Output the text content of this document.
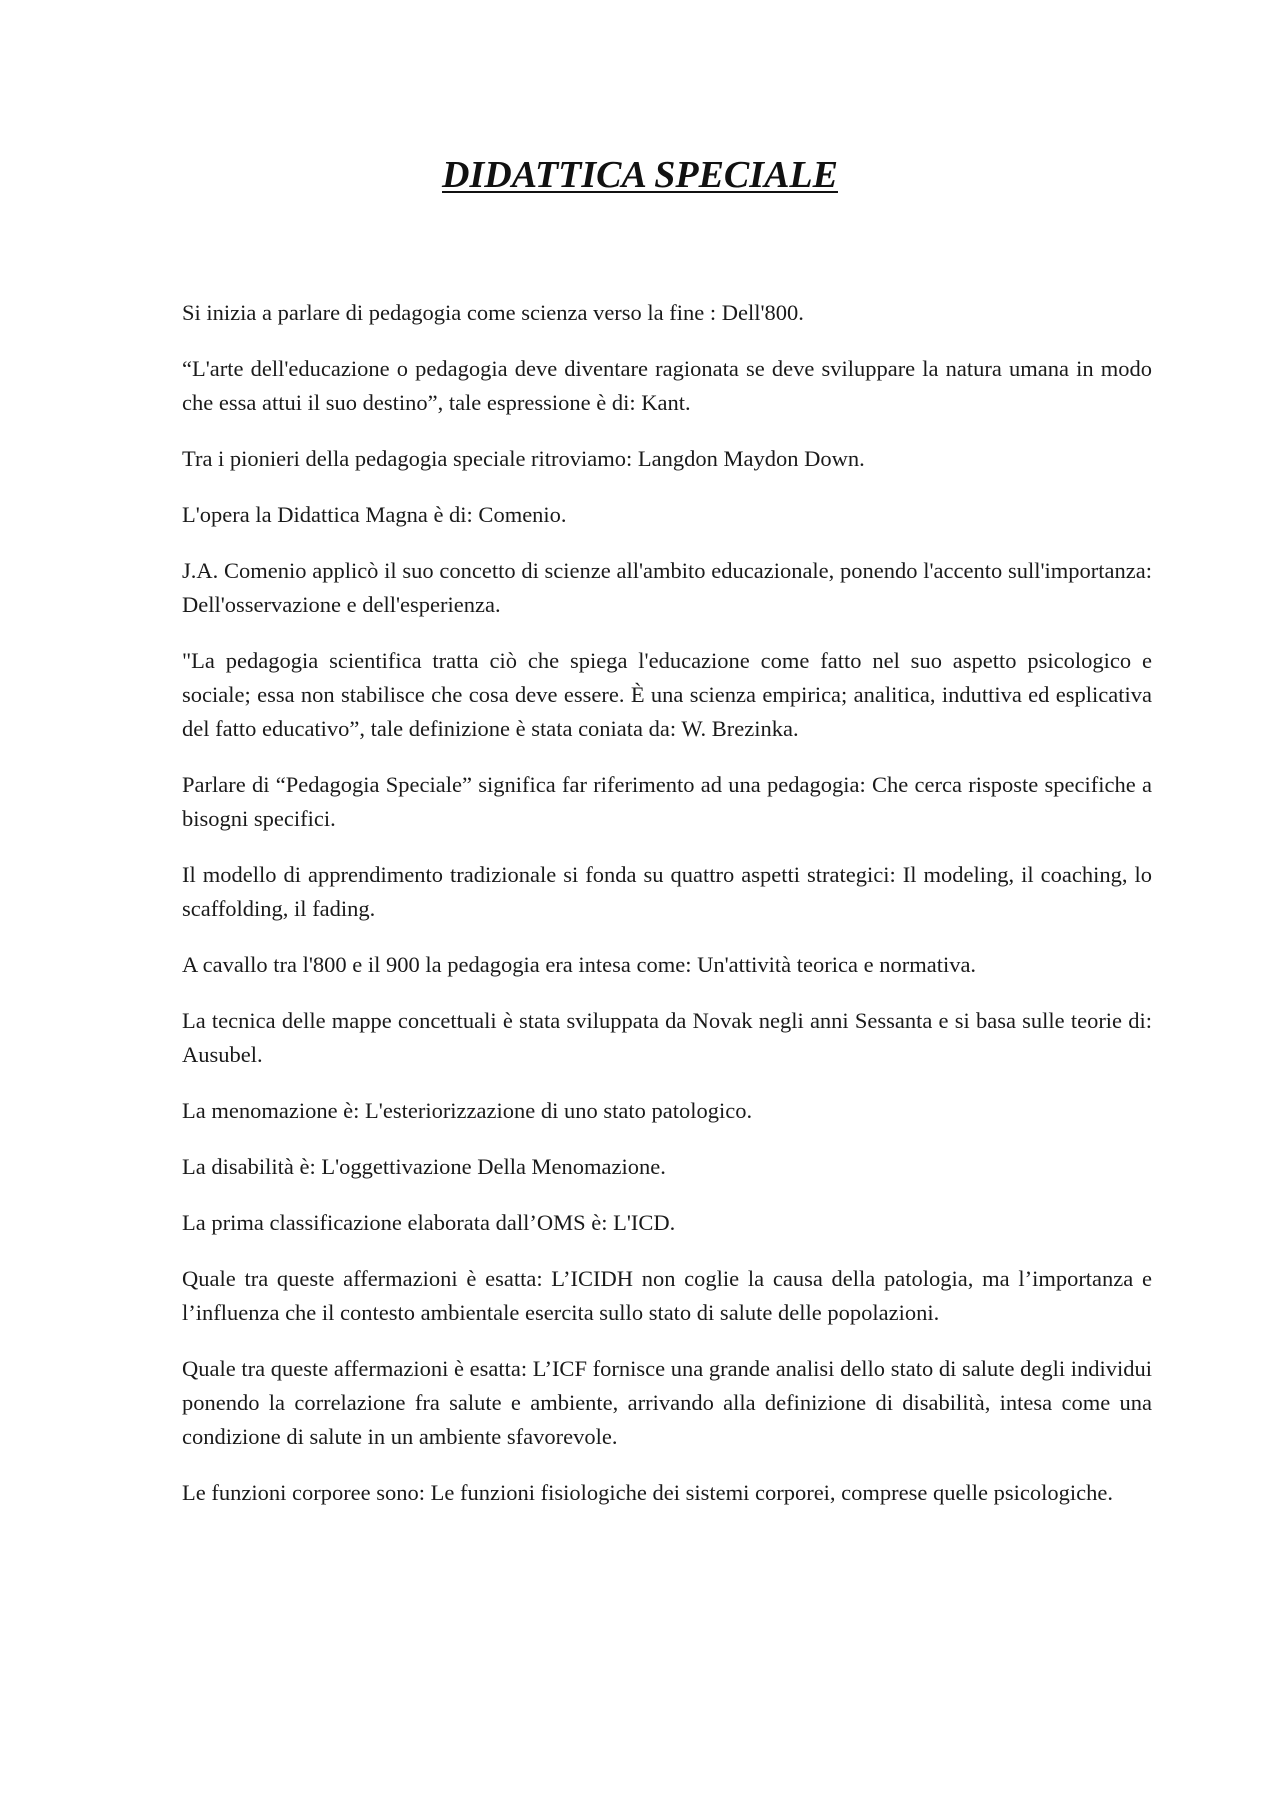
DIDATTICA SPECIALE

Si inizia a parlare di pedagogia come scienza verso la fine : Dell'800.

“L'arte dell'educazione o pedagogia deve diventare ragionata se deve sviluppare la natura umana in modo che essa attui il suo destino”, tale espressione è di: Kant.

Tra i pionieri della pedagogia speciale ritroviamo: Langdon Maydon Down.

L'opera la Didattica Magna è di: Comenio.

J.A. Comenio applicò il suo concetto di scienze all'ambito educazionale, ponendo l'accento sull'importanza: Dell'osservazione e dell'esperienza.

"La pedagogia scientifica tratta ciò che spiega l'educazione come fatto nel suo aspetto psicologico e sociale; essa non stabilisce che cosa deve essere. È una scienza empirica; analitica, induttiva ed esplicativa del fatto educativo”, tale definizione è stata coniata da: W. Brezinka.

Parlare di “Pedagogia Speciale” significa far riferimento ad una pedagogia: Che cerca risposte specifiche a bisogni specifici.

Il modello di apprendimento tradizionale si fonda su quattro aspetti strategici: Il modeling, il coaching, lo scaffolding, il fading.

A cavallo tra l'800 e il 900 la pedagogia era intesa come: Un'attività teorica e normativa.

La tecnica delle mappe concettuali è stata sviluppata da Novak negli anni Sessanta e si basa sulle teorie di: Ausubel.

La menomazione è: L'esteriorizzazione di uno stato patologico.

La disabilità è: L'oggettivazione Della Menomazione.

La prima classificazione elaborata dall’OMS è: L'ICD.

Quale tra queste affermazioni è esatta: L’ICIDH non coglie la causa della patologia, ma l’importanza e l’influenza che il contesto ambientale esercita sullo stato di salute delle popolazioni.

Quale tra queste affermazioni è esatta: L’ICF fornisce una grande analisi dello stato di salute degli individui ponendo la correlazione fra salute e ambiente, arrivando alla definizione di disabilità, intesa come una condizione di salute in un ambiente sfavorevole.

Le funzioni corporee sono: Le funzioni fisiologiche dei sistemi corporei, comprese quelle psicologiche.
